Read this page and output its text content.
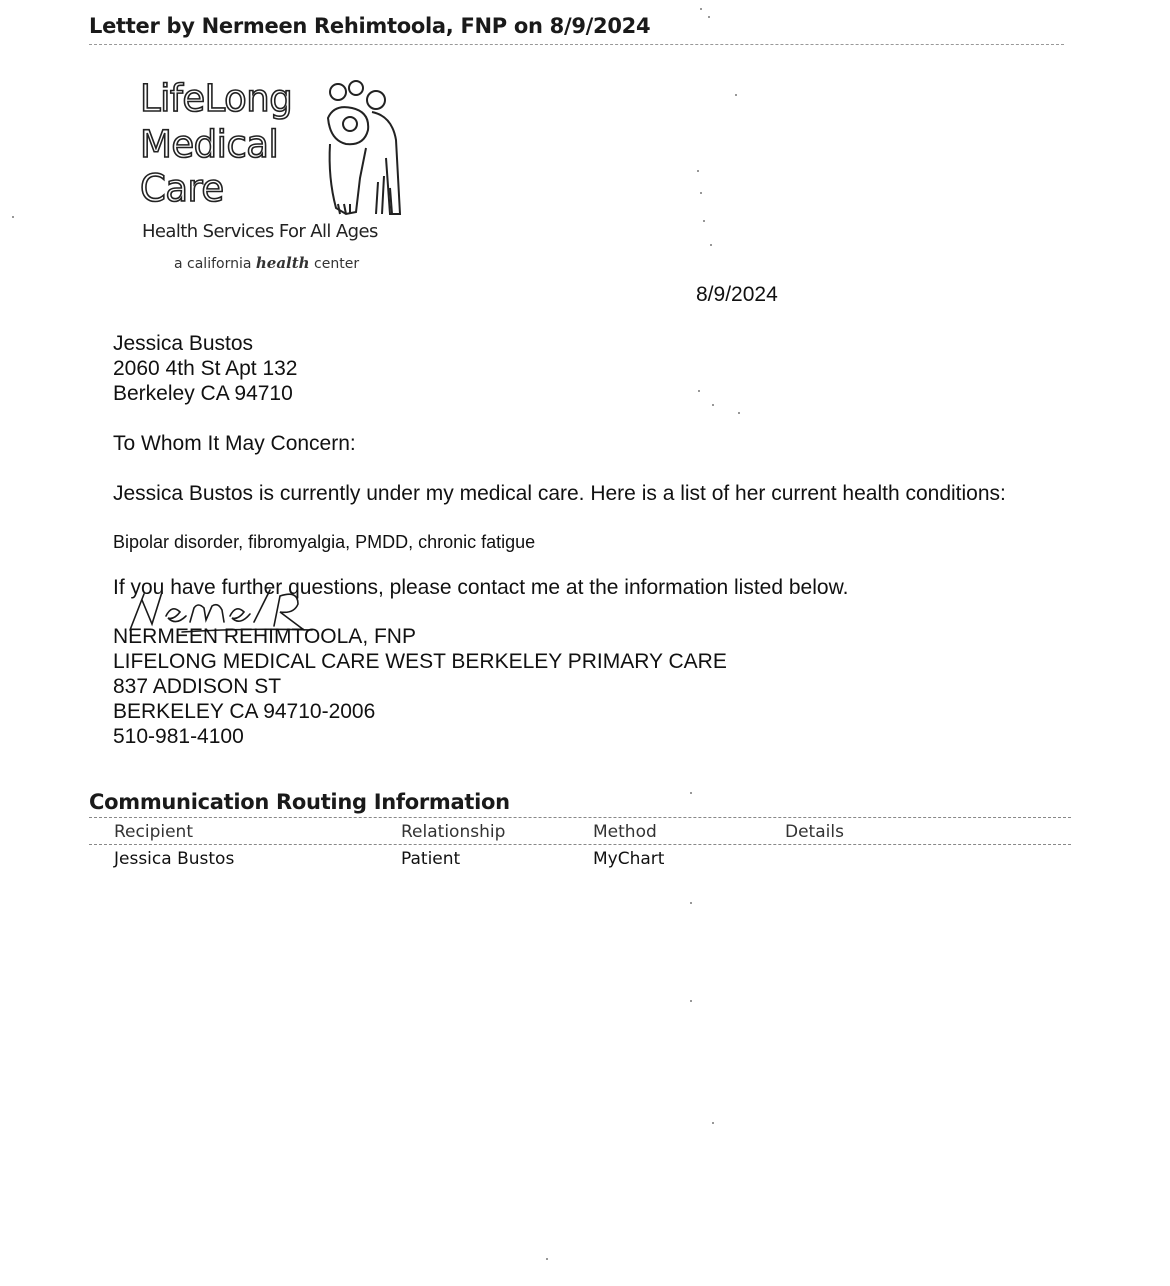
Letter by Nermeen Rehimtoola, FNP on 8/9/2024
LifeLong
Medical
Care
Health Services For All Ages
a california health center
8/9/2024
Jessica Bustos
2060 4th St Apt 132
Berkeley CA 94710
To Whom It May Concern:
Jessica Bustos is currently under my medical care. Here is a list of her current health conditions:
Bipolar disorder, fibromyalgia, PMDD, chronic fatigue
If you have further questions, please contact me at the information listed below.
NERMEEN REHIMTOOLA, FNP
LIFELONG MEDICAL CARE WEST BERKELEY PRIMARY CARE
837 ADDISON ST
BERKELEY CA 94710-2006
510-981-4100
Communication Routing Information
Recipient	Relationship	Method	Details
Jessica Bustos	Patient	MyChart
